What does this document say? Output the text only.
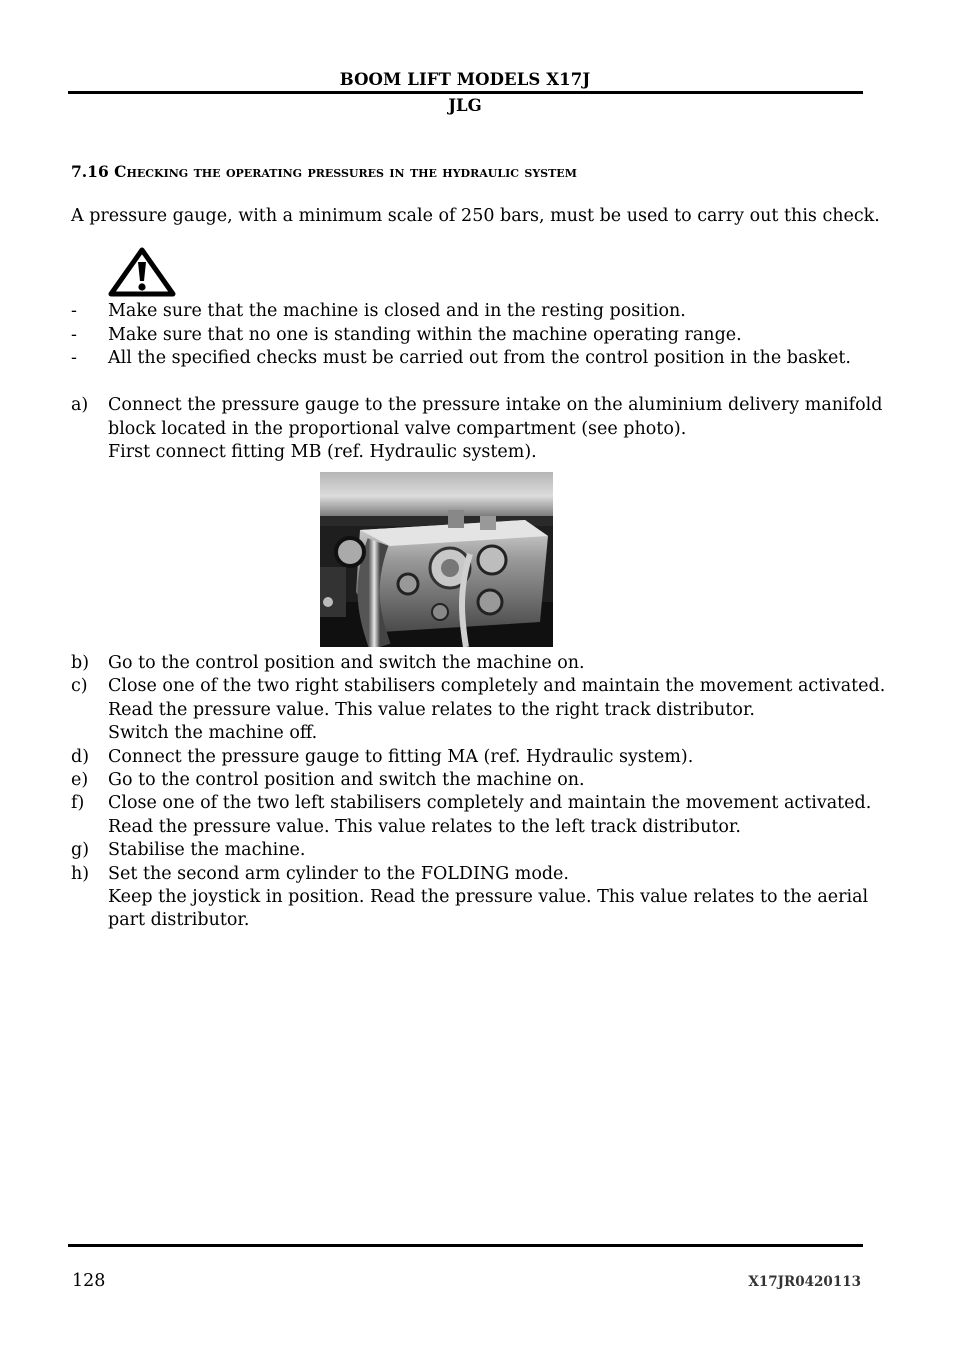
BOOM LIFT MODELS X17J
JLG
7.16 Checking the operating pressures in the hydraulic system
A pressure gauge, with a minimum scale of 250 bars, must be used to carry out this check.
- Make sure that the machine is closed and in the resting position.
- Make sure that no one is standing within the machine operating range.
- All the specified checks must be carried out from the control position in the basket.
a) Connect the pressure gauge to the pressure intake on the aluminium delivery manifold
block located in the proportional valve compartment (see photo).
First connect fitting MB (ref. Hydraulic system).
b) Go to the control position and switch the machine on.
c) Close one of the two right stabilisers completely and maintain the movement activated.
Read the pressure value. This value relates to the right track distributor.
Switch the machine off.
d) Connect the pressure gauge to fitting MA (ref. Hydraulic system).
e) Go to the control position and switch the machine on.
f) Close one of the two left stabilisers completely and maintain the movement activated.
Read the pressure value. This value relates to the left track distributor.
g) Stabilise the machine.
h) Set the second arm cylinder to the FOLDING mode.
Keep the joystick in position. Read the pressure value. This value relates to the aerial
part distributor.
128	X17JR0420113
